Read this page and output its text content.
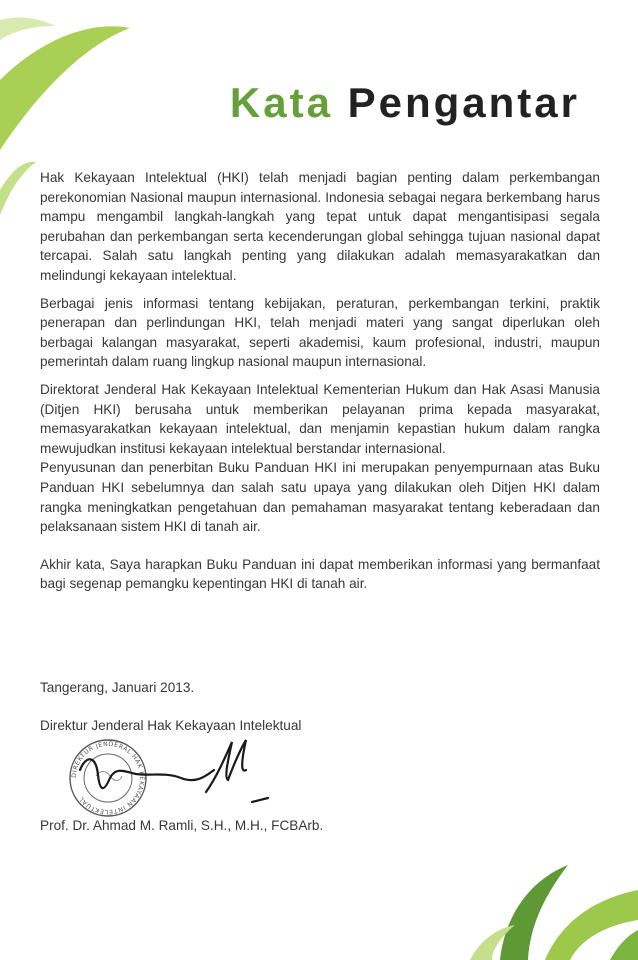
Kata Pengantar

Hak Kekayaan Intelektual (HKI) telah menjadi bagian penting dalam perkembangan perekonomian Nasional maupun internasional. Indonesia sebagai negara berkembang harus mampu mengambil langkah-langkah yang tepat untuk dapat mengantisipasi segala perubahan dan perkembangan serta kecenderungan global sehingga tujuan nasional dapat tercapai. Salah satu langkah penting yang dilakukan adalah memasyarakatkan dan melindungi kekayaan intelektual.

Berbagai jenis informasi tentang kebijakan, peraturan, perkembangan terkini, praktik penerapan dan perlindungan HKI, telah menjadi materi yang sangat diperlukan oleh berbagai kalangan masyarakat, seperti akademisi, kaum profesional, industri, maupun pemerintah dalam ruang lingkup nasional maupun internasional.

Direktorat Jenderal Hak Kekayaan Intelektual Kementerian Hukum dan Hak Asasi Manusia (Ditjen HKI) berusaha untuk memberikan pelayanan prima kepada masyarakat, memasyarakatkan kekayaan intelektual, dan menjamin kepastian hukum dalam rangka mewujudkan institusi kekayaan intelektual berstandar internasional.

Penyusunan dan penerbitan Buku Panduan HKI ini merupakan penyempurnaan atas Buku Panduan HKI sebelumnya dan salah satu upaya yang dilakukan oleh Ditjen HKI dalam rangka meningkatkan pengetahuan dan pemahaman masyarakat tentang keberadaan dan pelaksanaan sistem HKI di tanah air.

Akhir kata, Saya harapkan Buku Panduan ini dapat memberikan informasi yang bermanfaat bagi segenap pemangku kepentingan HKI di tanah air.

Tangerang, Januari 2013.
Direktur Jenderal Hak Kekayaan Intelektual
DIREKTUR JENDERAL HAK KEKAYAAN INTELEKTUAL
Prof. Dr. Ahmad M. Ramli, S.H., M.H., FCBArb.
